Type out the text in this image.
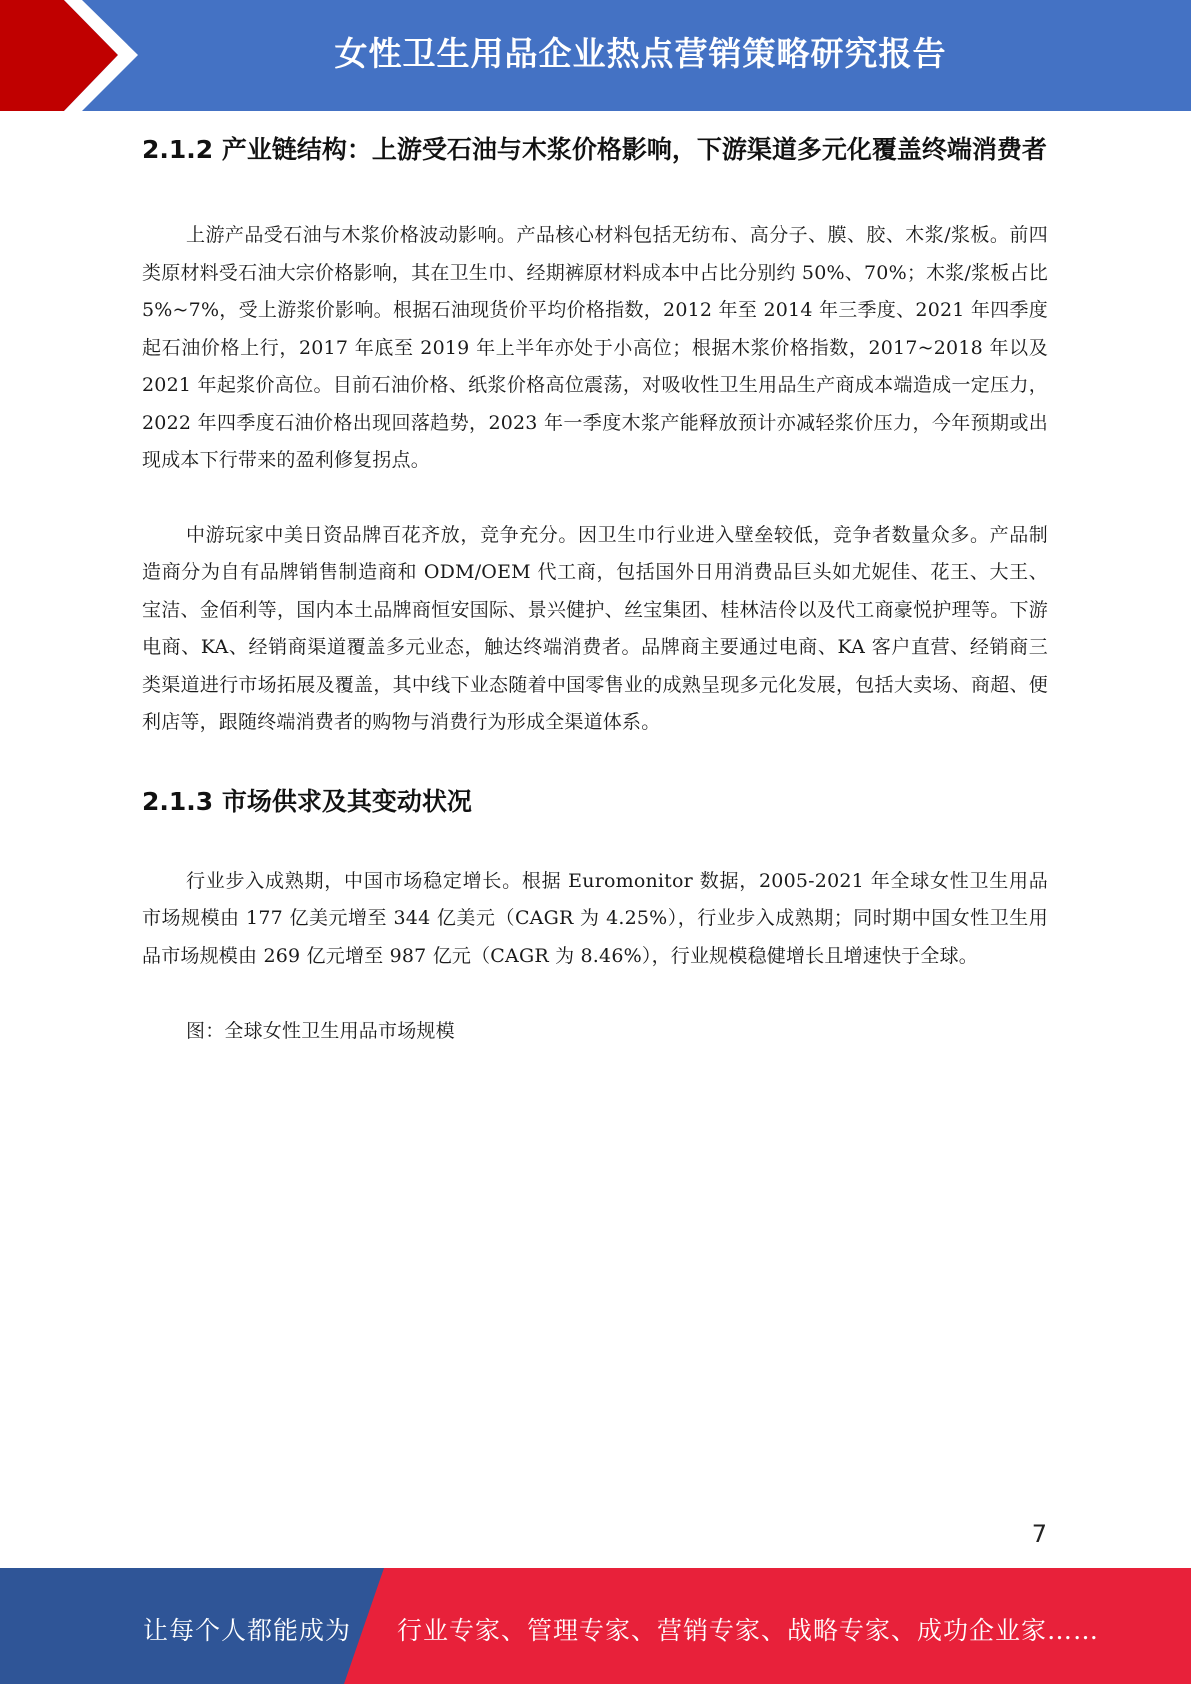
女性卫生用品企业热点营销策略研究报告
2.1.2 产业链结构：上游受石油与木浆价格影响，下游渠道多元化覆盖终端消费者

上游产品受石油与木浆价格波动影响。产品核心材料包括无纺布、高分子、膜、胶、木浆/浆板。前四类原材料受石油大宗价格影响，其在卫生巾、经期裤原材料成本中占比分别约 50%、70%；木浆/浆板占比 5%~7%，受上游浆价影响。根据石油现货价平均价格指数，2012 年至 2014 年三季度、2021 年四季度起石油价格上行，2017 年底至 2019 年上半年亦处于小高位；根据木浆价格指数，2017~2018 年以及 2021 年起浆价高位。目前石油价格、纸浆价格高位震荡，对吸收性卫生用品生产商成本端造成一定压力，2022 年四季度石油价格出现回落趋势，2023 年一季度木浆产能释放预计亦减轻浆价压力，今年预期或出现成本下行带来的盈利修复拐点。

中游玩家中美日资品牌百花齐放，竞争充分。因卫生巾行业进入壁垒较低，竞争者数量众多。产品制造商分为自有品牌销售制造商和 ODM/OEM 代工商，包括国外日用消费品巨头如尤妮佳、花王、大王、宝洁、金佰利等，国内本土品牌商恒安国际、景兴健护、丝宝集团、桂林洁伶以及代工商豪悦护理等。下游电商、KA、经销商渠道覆盖多元业态，触达终端消费者。品牌商主要通过电商、KA 客户直营、经销商三类渠道进行市场拓展及覆盖，其中线下业态随着中国零售业的成熟呈现多元化发展，包括大卖场、商超、便利店等，跟随终端消费者的购物与消费行为形成全渠道体系。

2.1.3 市场供求及其变动状况

行业步入成熟期，中国市场稳定增长。根据 Euromonitor 数据，2005-2021 年全球女性卫生用品市场规模由 177 亿美元增至 344 亿美元（CAGR 为 4.25%），行业步入成熟期；同时期中国女性卫生用品市场规模由 269 亿元增至 987 亿元（CAGR 为 8.46%），行业规模稳健增长且增速快于全球。

图：全球女性卫生用品市场规模

7
让每个人都能成为 行业专家、管理专家、营销专家、战略专家、成功企业家……
